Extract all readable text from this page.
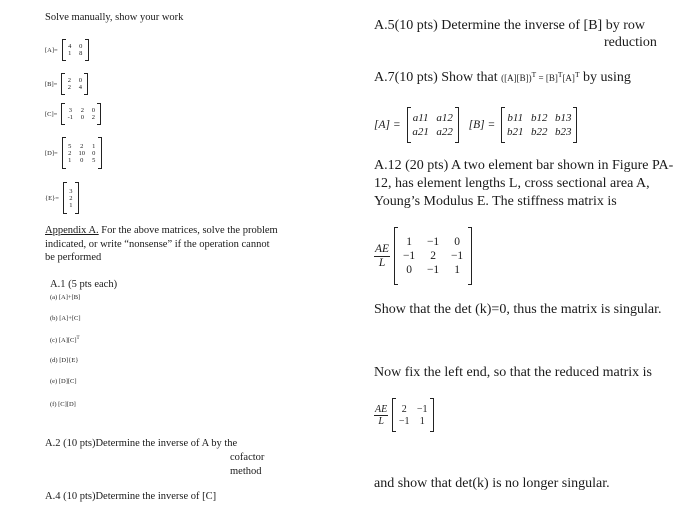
Solve manually, show your work
[A]= 4 0
1 8
[B]= 2 0
2 4
[C]= 3 2 0
-1 0 2
[D]=
5 2 1
2 10 0
1 0 5
{E}=
3
2
1
Appendix A. For the above matrices, solve the problem indicated, or write “nonsense” if the operation cannot be performed
A.1 (5 pts each)
(a) [A]+[B]
(b) [A]+[C]
(c) $[A][C]^T$
(d) [D]{E}
(e) [D][C]
(f) [C][D]
A.2 (10 pts)Determine the inverse of A by the
cofactor
method
A.4 (10 pts)Determine the inverse of [C]
A.5(10 pts) Determine the inverse of [B] by row
reduction
A.7(10 pts) Show that $([A][B])^T = [B]^T[A]^T$ by using
[A] =
a11 a12
a21 a22
[B] =
b11 b12 b13
b21 b22 b23
A.12 (20 pts) A two element bar shown in Figure PA-12, has element lengths L, cross sectional area A, Young’s Modulus E. The stiffness matrix is
$\frac{AE}{L}$
1 −1 0
−1 2 −1
0 −1 1
Show that the det (k)=0, thus the matrix is singular.
Now fix the left end, so that the reduced matrix is
$\frac{AE}{L} 2 -1$
−1 1
and show that det(k) is no longer singular.
